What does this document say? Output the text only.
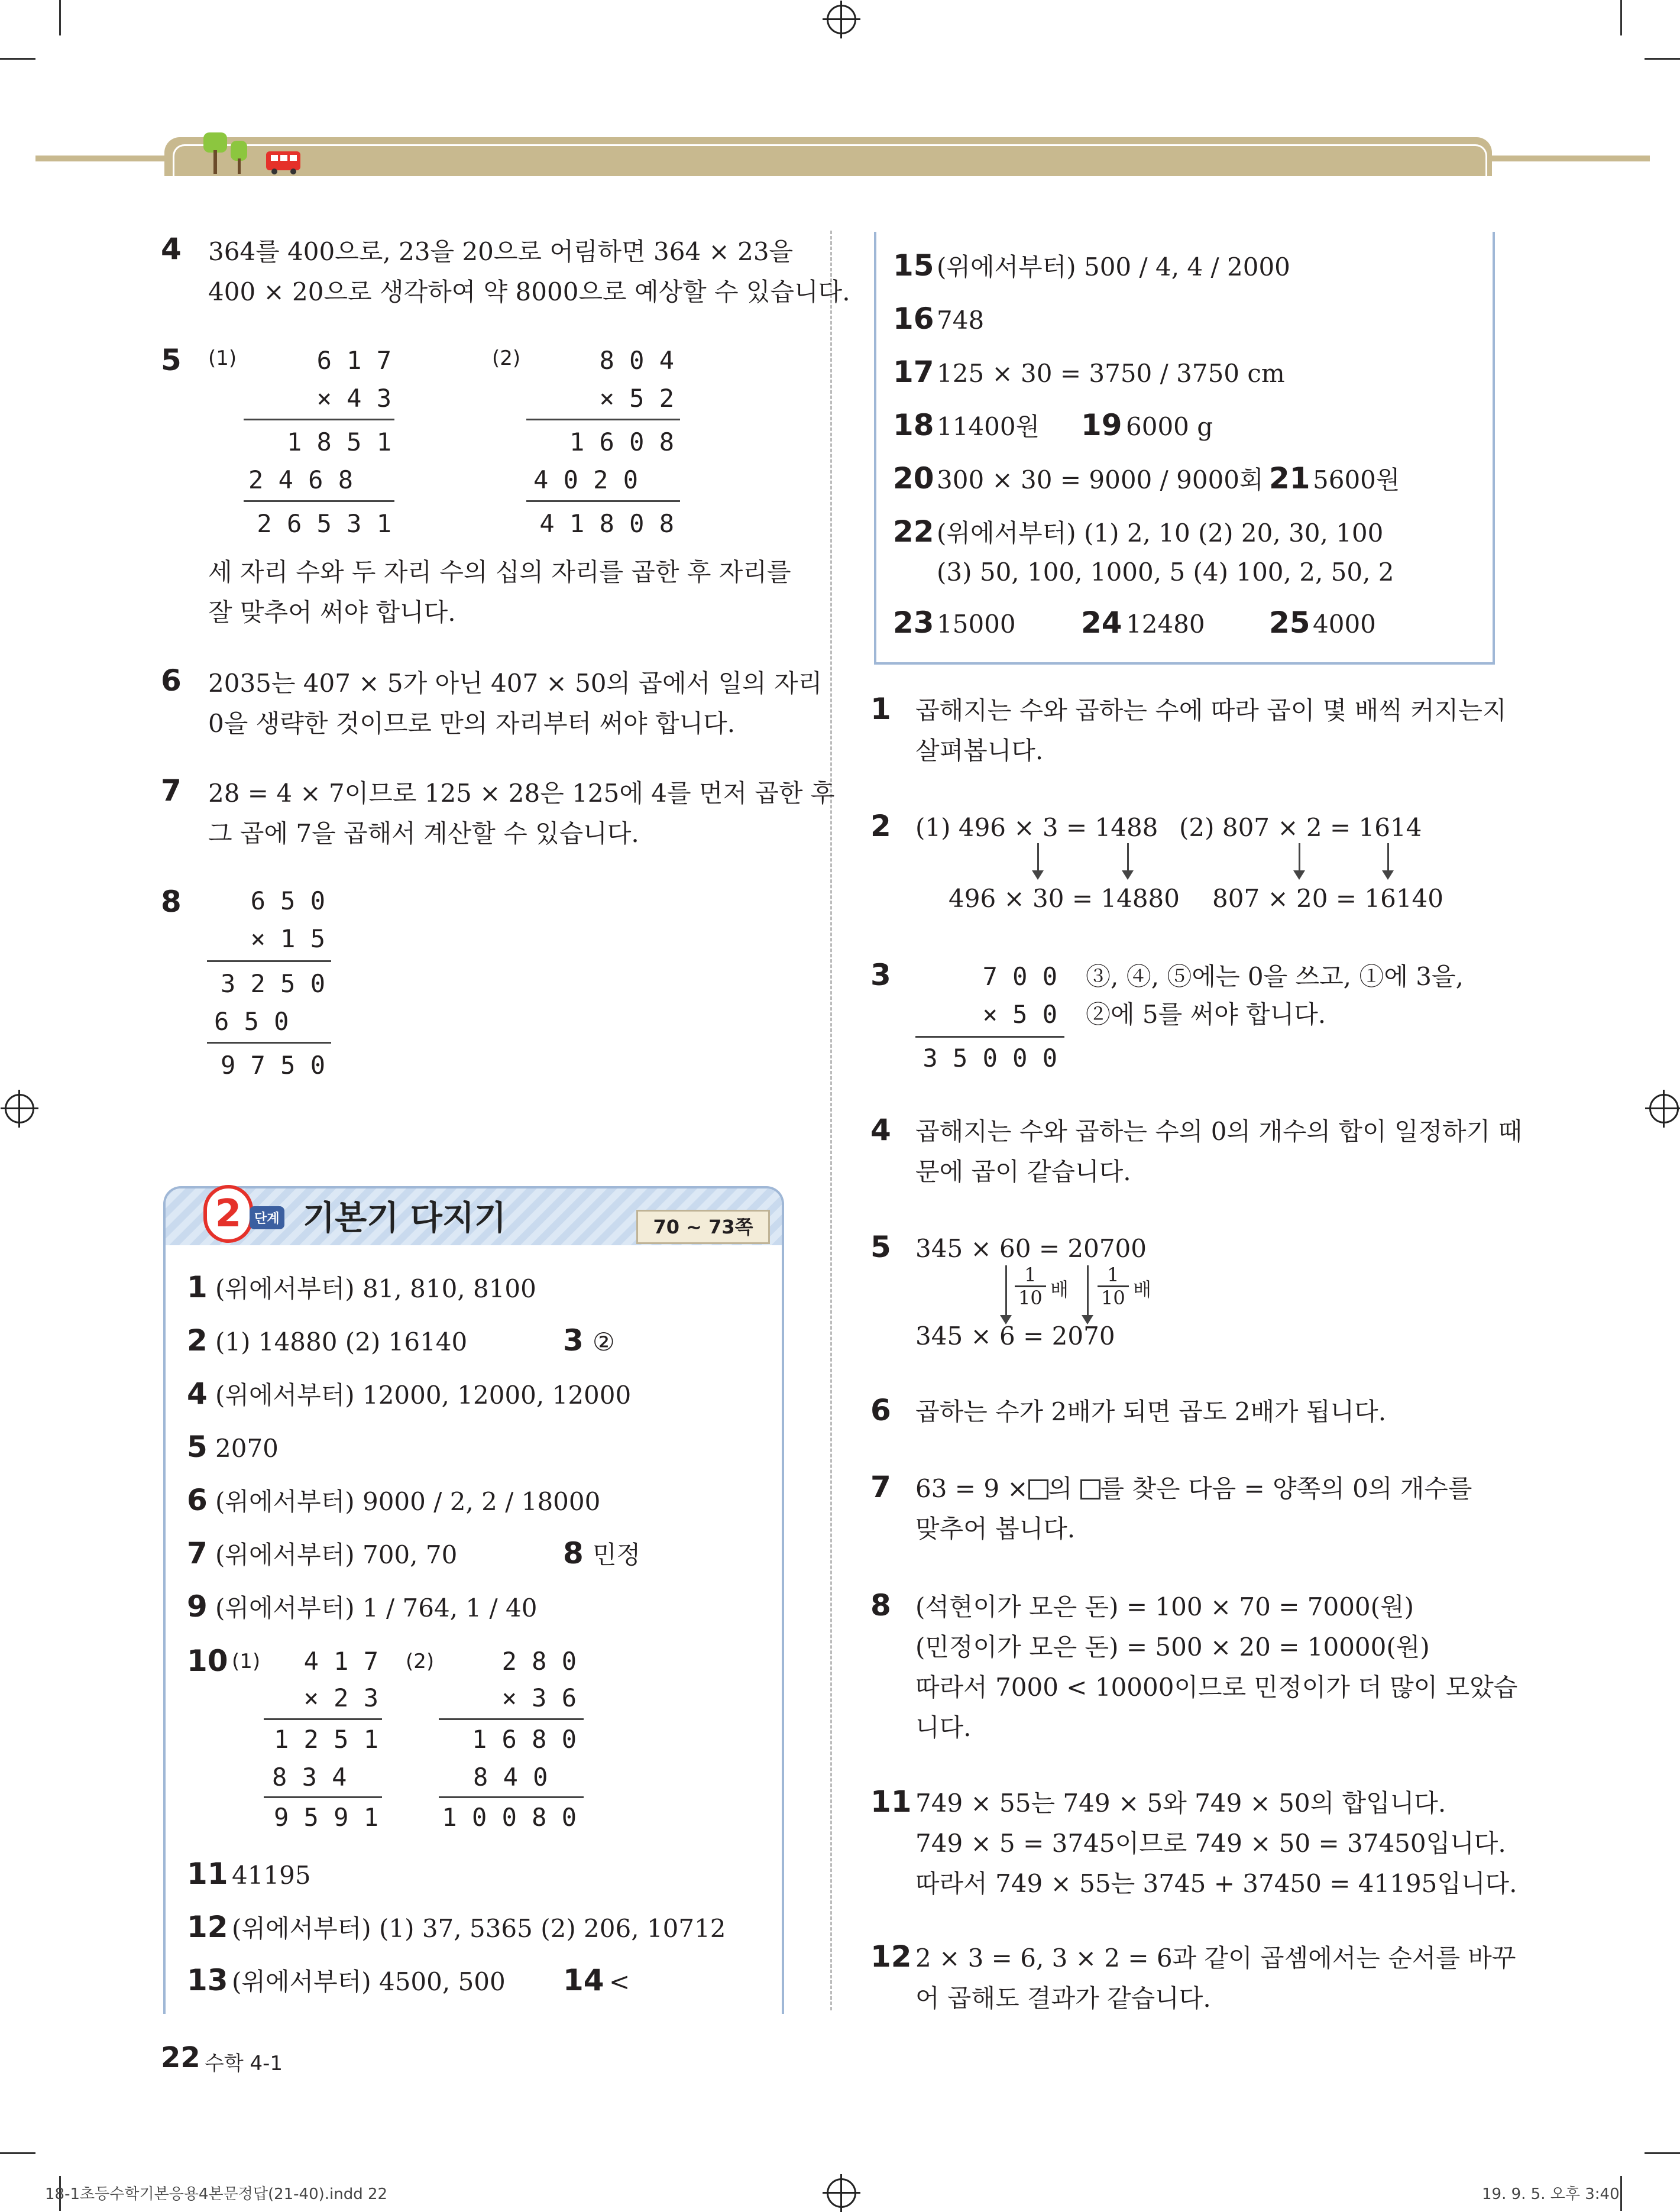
4 364를 400으로, 23을 20으로 어림하면 364 × 23을
400 × 20으로 생각하여 약 8000으로 예상할 수 있습니다.
5 (1)	(2)
6 1 7
× 4 3
1 8 5 1
2 4 6 8
2 6 5 3 1
8 0 4
× 5 2
1 6 0 8
4 0 2 0
4 1 8 0 8
세 자리 수와 두 자리 수의 십의 자리를 곱한 후 자리를
잘 맞추어 써야 합니다.
6 2035는 407 × 5가 아닌 407 × 50의 곱에서 일의 자리
0을 생략한 것이므로 만의 자리부터 써야 합니다.
7 28 = 4 × 7이므로 125 × 28은 125에 4를 먼저 곱한 후
그 곱에 7을 곱해서 계산할 수 있습니다.
8	6 5 0
× 1 5
3 2 5 0
6 5 0
9 7 5 0
2 단계 기본기 다지기	70 ~ 73쪽
1 (위에서부터) 81, 810, 8100
2 (1) 14880 (2) 16140	3 ②
4 (위에서부터) 12000, 12000, 12000
5 2070
6 (위에서부터) 9000 / 2, 2 / 18000
7 (위에서부터) 700, 70	8 민정
9 (위에서부터) 1 / 764, 1 / 40
10 (1)	(2)
4 1 7
× 2 3
1 2 5 1
8 3 4
9 5 9 1
2 8 0
× 3 6
1 6 8 0
8 4 0
1 0 0 8 0
11 41195
12 (위에서부터) (1) 37, 5365 (2) 206, 10712
13 (위에서부터) 4500, 500 14 <
15 (위에서부터) 500 / 4, 4 / 2000
16 748
17 125 × 30 = 3750 / 3750 cm
18 11400원 19 6000 g
20 300 × 30 = 9000 / 9000회 21 5600원
22 (위에서부터) (1) 2, 10 (2) 20, 30, 100
(3) 50, 100, 1000, 5 (4) 100, 2, 50, 2
23 15000 24 12480 25 4000
1 곱해지는 수와 곱하는 수에 따라 곱이 몇 배씩 커지는지
살펴봅니다.
2 (1) 496 × 3 = 1488 (2) 807 × 2 = 1614
496 × 30 = 14880 807 × 20 = 16140
3	7 0 0
× 5 0
3 5 0 0 0
③, ④, ⑤에는 0을 쓰고, ①에 3을,
②에 5를 써야 합니다.
4 곱해지는 수와 곱하는 수의 0의 개수의 합이 일정하기 때
문에 곱이 같습니다.
5 345 × 60 = 20700
$\frac{1}{10}$ 배 $\frac{1}{10}$ 배
345 × 6 = 2070
6 곱하는 수가 2배가 되면 곱도 2배가 됩니다.
7 63 = 9 × 의 를 찾은 다음 = 양쪽의 0의 개수를
맞추어 봅니다.
8 (석현이가 모은 돈) = 100 × 70 = 7000(원)
(민정이가 모은 돈) = 500 × 20 = 10000(원)
따라서 7000 < 10000이므로 민정이가 더 많이 모았습
니다.
11 749 × 55는 749 × 5와 749 × 50의 합입니다.
749 × 5 = 3745이므로 749 × 50 = 37450입니다.
따라서 749 × 55는 3745 + 37450 = 41195입니다.
12 2 × 3 = 6, 3 × 2 = 6과 같이 곱셈에서는 순서를 바꾸
어 곱해도 결과가 같습니다.
22 수학 4-1
18-1초등수학기본응용4본문정답(21-40).indd 22	19. 9. 5. 오후 3:40
